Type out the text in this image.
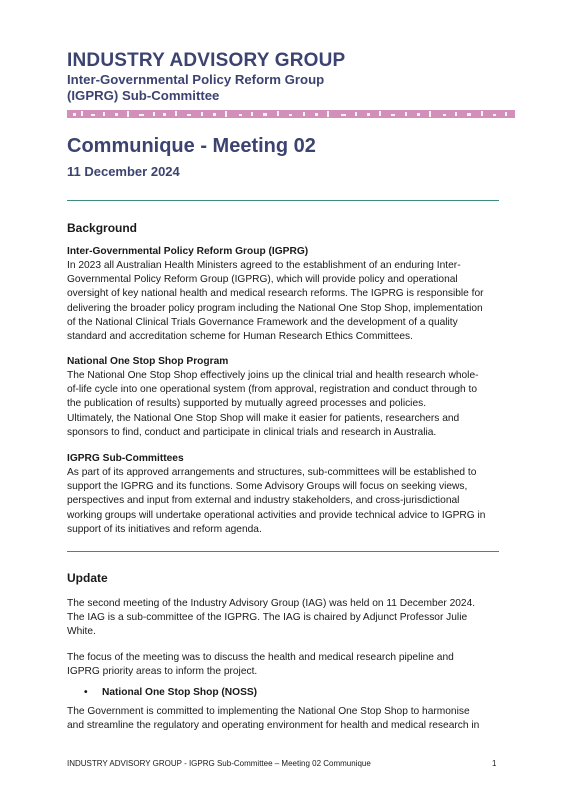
INDUSTRY ADVISORY GROUP
Inter-Governmental Policy Reform Group
(IGPRG) Sub-Committee
Communique - Meeting 02
11 December 2024
Background
Inter-Governmental Policy Reform Group (IGPRG)

In 2023 all Australian Health Ministers agreed to the establishment of an enduring Inter-
Governmental Policy Reform Group (IGPRG), which will provide policy and operational
oversight of key national health and medical research reforms. The IGPRG is responsible for
delivering the broader policy program including the National One Stop Shop, implementation
of the National Clinical Trials Governance Framework and the development of a quality
standard and accreditation scheme for Human Research Ethics Committees.

National One Stop Shop Program

The National One Stop Shop effectively joins up the clinical trial and health research whole-
of-life cycle into one operational system (from approval, registration and conduct through to
the publication of results) supported by mutually agreed processes and policies.
Ultimately, the National One Stop Shop will make it easier for patients, researchers and
sponsors to find, conduct and participate in clinical trials and research in Australia.

IGPRG Sub-Committees

As part of its approved arrangements and structures, sub-committees will be established to
support the IGPRG and its functions. Some Advisory Groups will focus on seeking views,
perspectives and input from external and industry stakeholders, and cross-jurisdictional
working groups will undertake operational activities and provide technical advice to IGPRG in
support of its initiatives and reform agenda.

Update

The second meeting of the Industry Advisory Group (IAG) was held on 11 December 2024.
The IAG is a sub-committee of the IGPRG. The IAG is chaired by Adjunct Professor Julie
White.

The focus of the meeting was to discuss the health and medical research pipeline and
IGPRG priority areas to inform the project.

• National One Stop Shop (NOSS)

The Government is committed to implementing the National One Stop Shop to harmonise
and streamline the regulatory and operating environment for health and medical research in

INDUSTRY ADVISORY GROUP - IGPRG Sub-Committee – Meeting 02 Communique	1
